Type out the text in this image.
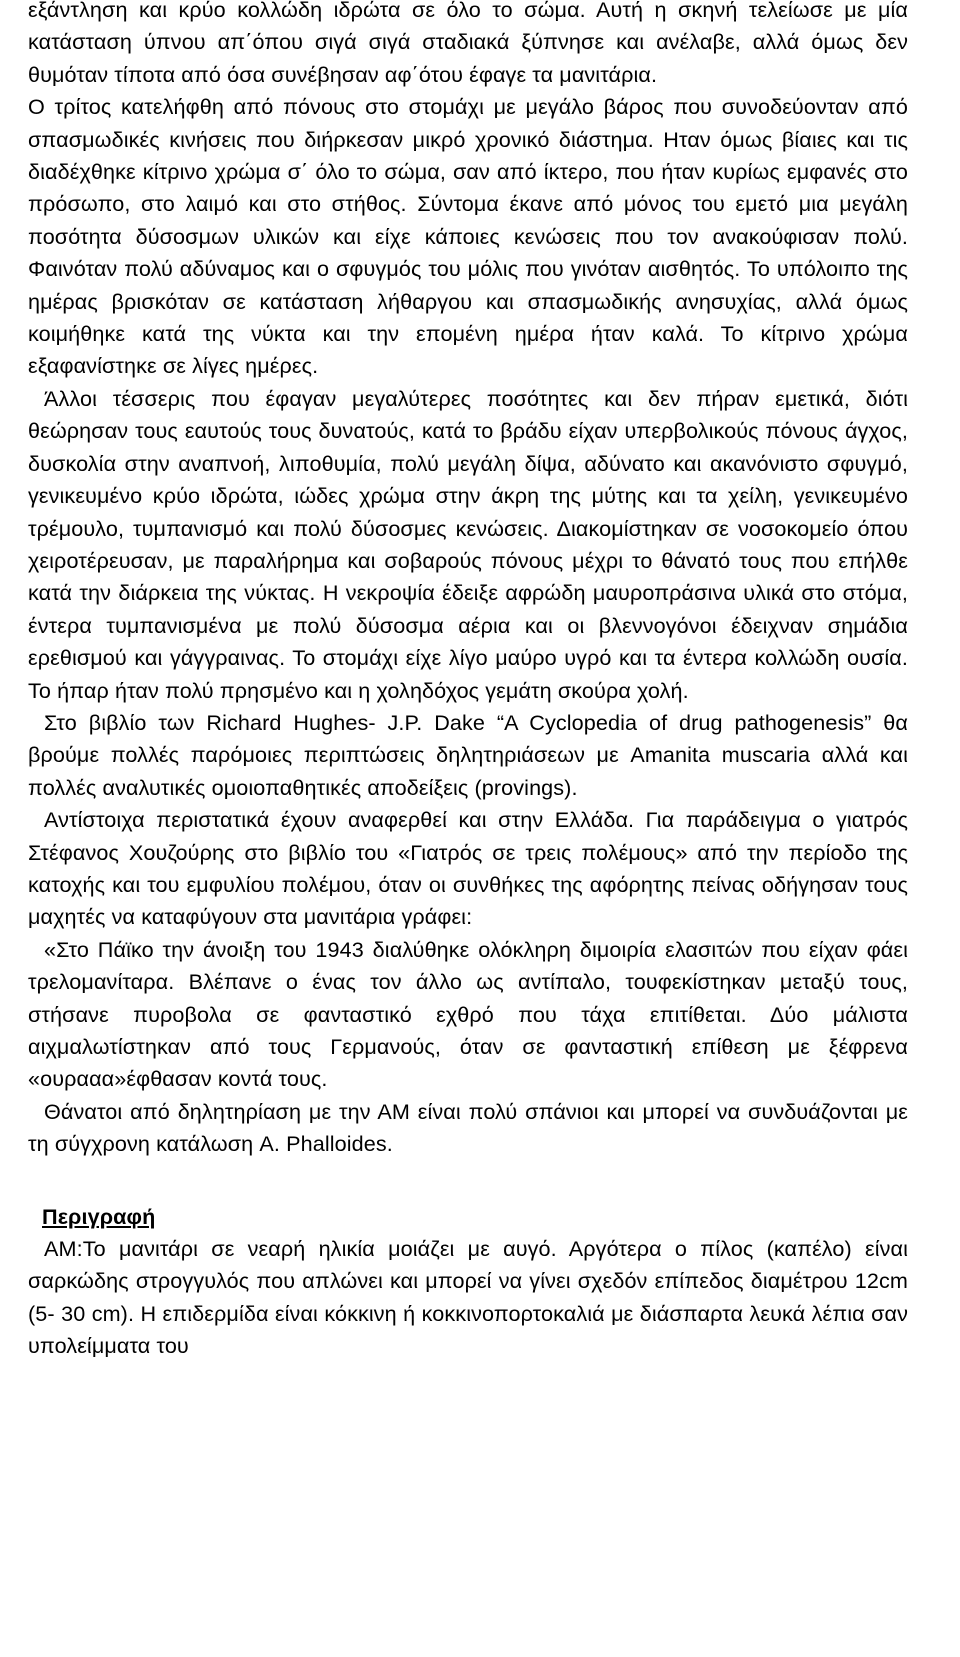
εξάντληση και κρύο κολλώδη ιδρώτα σε όλο το σώμα. Αυτή η σκηνή τελείωσε με μία κατάσταση ύπνου απ΄όπου σιγά σιγά σταδιακά ξύπνησε και ανέλαβε, αλλά όμως δεν θυμόταν τίποτα από όσα συνέβησαν αφ΄ότου έφαγε τα μανιτάρια.

Ο τρίτος κατελήφθη από πόνους στο στομάχι με μεγάλο βάρος που συνοδεύονταν από σπασμωδικές κινήσεις που διήρκεσαν μικρό χρονικό διάστημα. Ηταν όμως βίαιες και τις διαδέχθηκε κίτρινο χρώμα σ΄ όλο το σώμα, σαν από ίκτερο, που ήταν κυρίως εμφανές στο πρόσωπο, στο λαιμό και στο στήθος. Σύντομα έκανε από μόνος του εμετό μια μεγάλη ποσότητα δύσοσμων υλικών και είχε κάποιες κενώσεις που τον ανακούφισαν πολύ. Φαινόταν πολύ αδύναμος και ο σφυγμός του μόλις που γινόταν αισθητός. Το υπόλοιπο της ημέρας βρισκόταν σε κατάσταση λήθαργου και σπασμωδικής ανησυχίας, αλλά όμως κοιμήθηκε κατά της νύκτα και την επομένη ημέρα ήταν καλά. Το κίτρινο χρώμα εξαφανίστηκε σε λίγες ημέρες.

Άλλοι τέσσερις που έφαγαν μεγαλύτερες ποσότητες και δεν πήραν εμετικά, διότι θεώρησαν τους εαυτούς τους δυνατούς, κατά το βράδυ είχαν υπερβολικούς πόνους άγχος, δυσκολία στην αναπνοή, λιποθυμία, πολύ μεγάλη δίψα, αδύνατο και ακανόνιστο σφυγμό, γενικευμένο κρύο ιδρώτα, ιώδες χρώμα στην άκρη της μύτης και τα χείλη, γενικευμένο τρέμουλο, τυμπανισμό και πολύ δύσοσμες κενώσεις. Διακομίστηκαν σε νοσοκομείο όπου χειροτέρευσαν, με παραλήρημα και σοβαρούς πόνους μέχρι το θάνατό τους που επήλθε κατά την διάρκεια της νύκτας. Η νεκροψία έδειξε αφρώδη μαυροπράσινα υλικά στο στόμα, έντερα τυμπανισμένα με πολύ δύσοσμα αέρια και οι βλεννογόνοι έδειχναν σημάδια ερεθισμού και γάγγραινας. Το στομάχι είχε λίγο μαύρο υγρό και τα έντερα κολλώδη ουσία. Το ήπαρ ήταν πολύ πρησμένο και η χοληδόχος γεμάτη σκούρα χολή.

Στο βιβλίο των Richard Hughes- J.P. Dake “A Cyclopedia of drug pathogenesis” θα βρούμε πολλές παρόμοιες περιπτώσεις δηλητηριάσεων με Amanita muscaria αλλά και πολλές αναλυτικές ομοιοπαθητικές αποδείξεις (provings).

Αντίστοιχα περιστατικά έχουν αναφερθεί και στην Ελλάδα. Για παράδειγμα ο γιατρός Στέφανος Χουζούρης στο βιβλίο του «Γιατρός σε τρεις πολέμους» από την περίοδο της κατοχής και του εμφυλίου πολέμου, όταν οι συνθήκες της αφόρητης πείνας οδήγησαν τους μαχητές να καταφύγουν στα μανιτάρια γράφει:

«Στο Πάϊκο την άνοιξη του 1943 διαλύθηκε ολόκληρη διμοιρία ελασιτών που είχαν φάει τρελομανίταρα. Βλέπανε ο ένας τον άλλο ως αντίπαλο, τουφεκίστηκαν μεταξύ τους, στήσανε πυροβολα σε φανταστικό εχθρό που τάχα επιτίθεται. Δύο μάλιστα αιχμαλωτίστηκαν από τους Γερμανούς, όταν σε φανταστική επίθεση με ξέφρενα «ουρααα»έφθασαν κοντά τους.

Θάνατοι από δηλητηρίαση με την ΑΜ είναι πολύ σπάνιοι και μπορεί να συνδυάζονται με τη σύγχρονη κατάλωση A. Phalloides.

Περιγραφή

ΑΜ:Το μανιτάρι σε νεαρή ηλικία μοιάζει με αυγό. Αργότερα ο πίλος (καπέλο) είναι σαρκώδης στρογγυλός που απλώνει και μπορεί να γίνει σχεδόν επίπεδος διαμέτρου 12cm (5- 30 cm). Η επιδερμίδα είναι κόκκινη ή κοκκινοπορτοκαλιά με διάσπαρτα λευκά λέπια σαν υπολείμματα του
